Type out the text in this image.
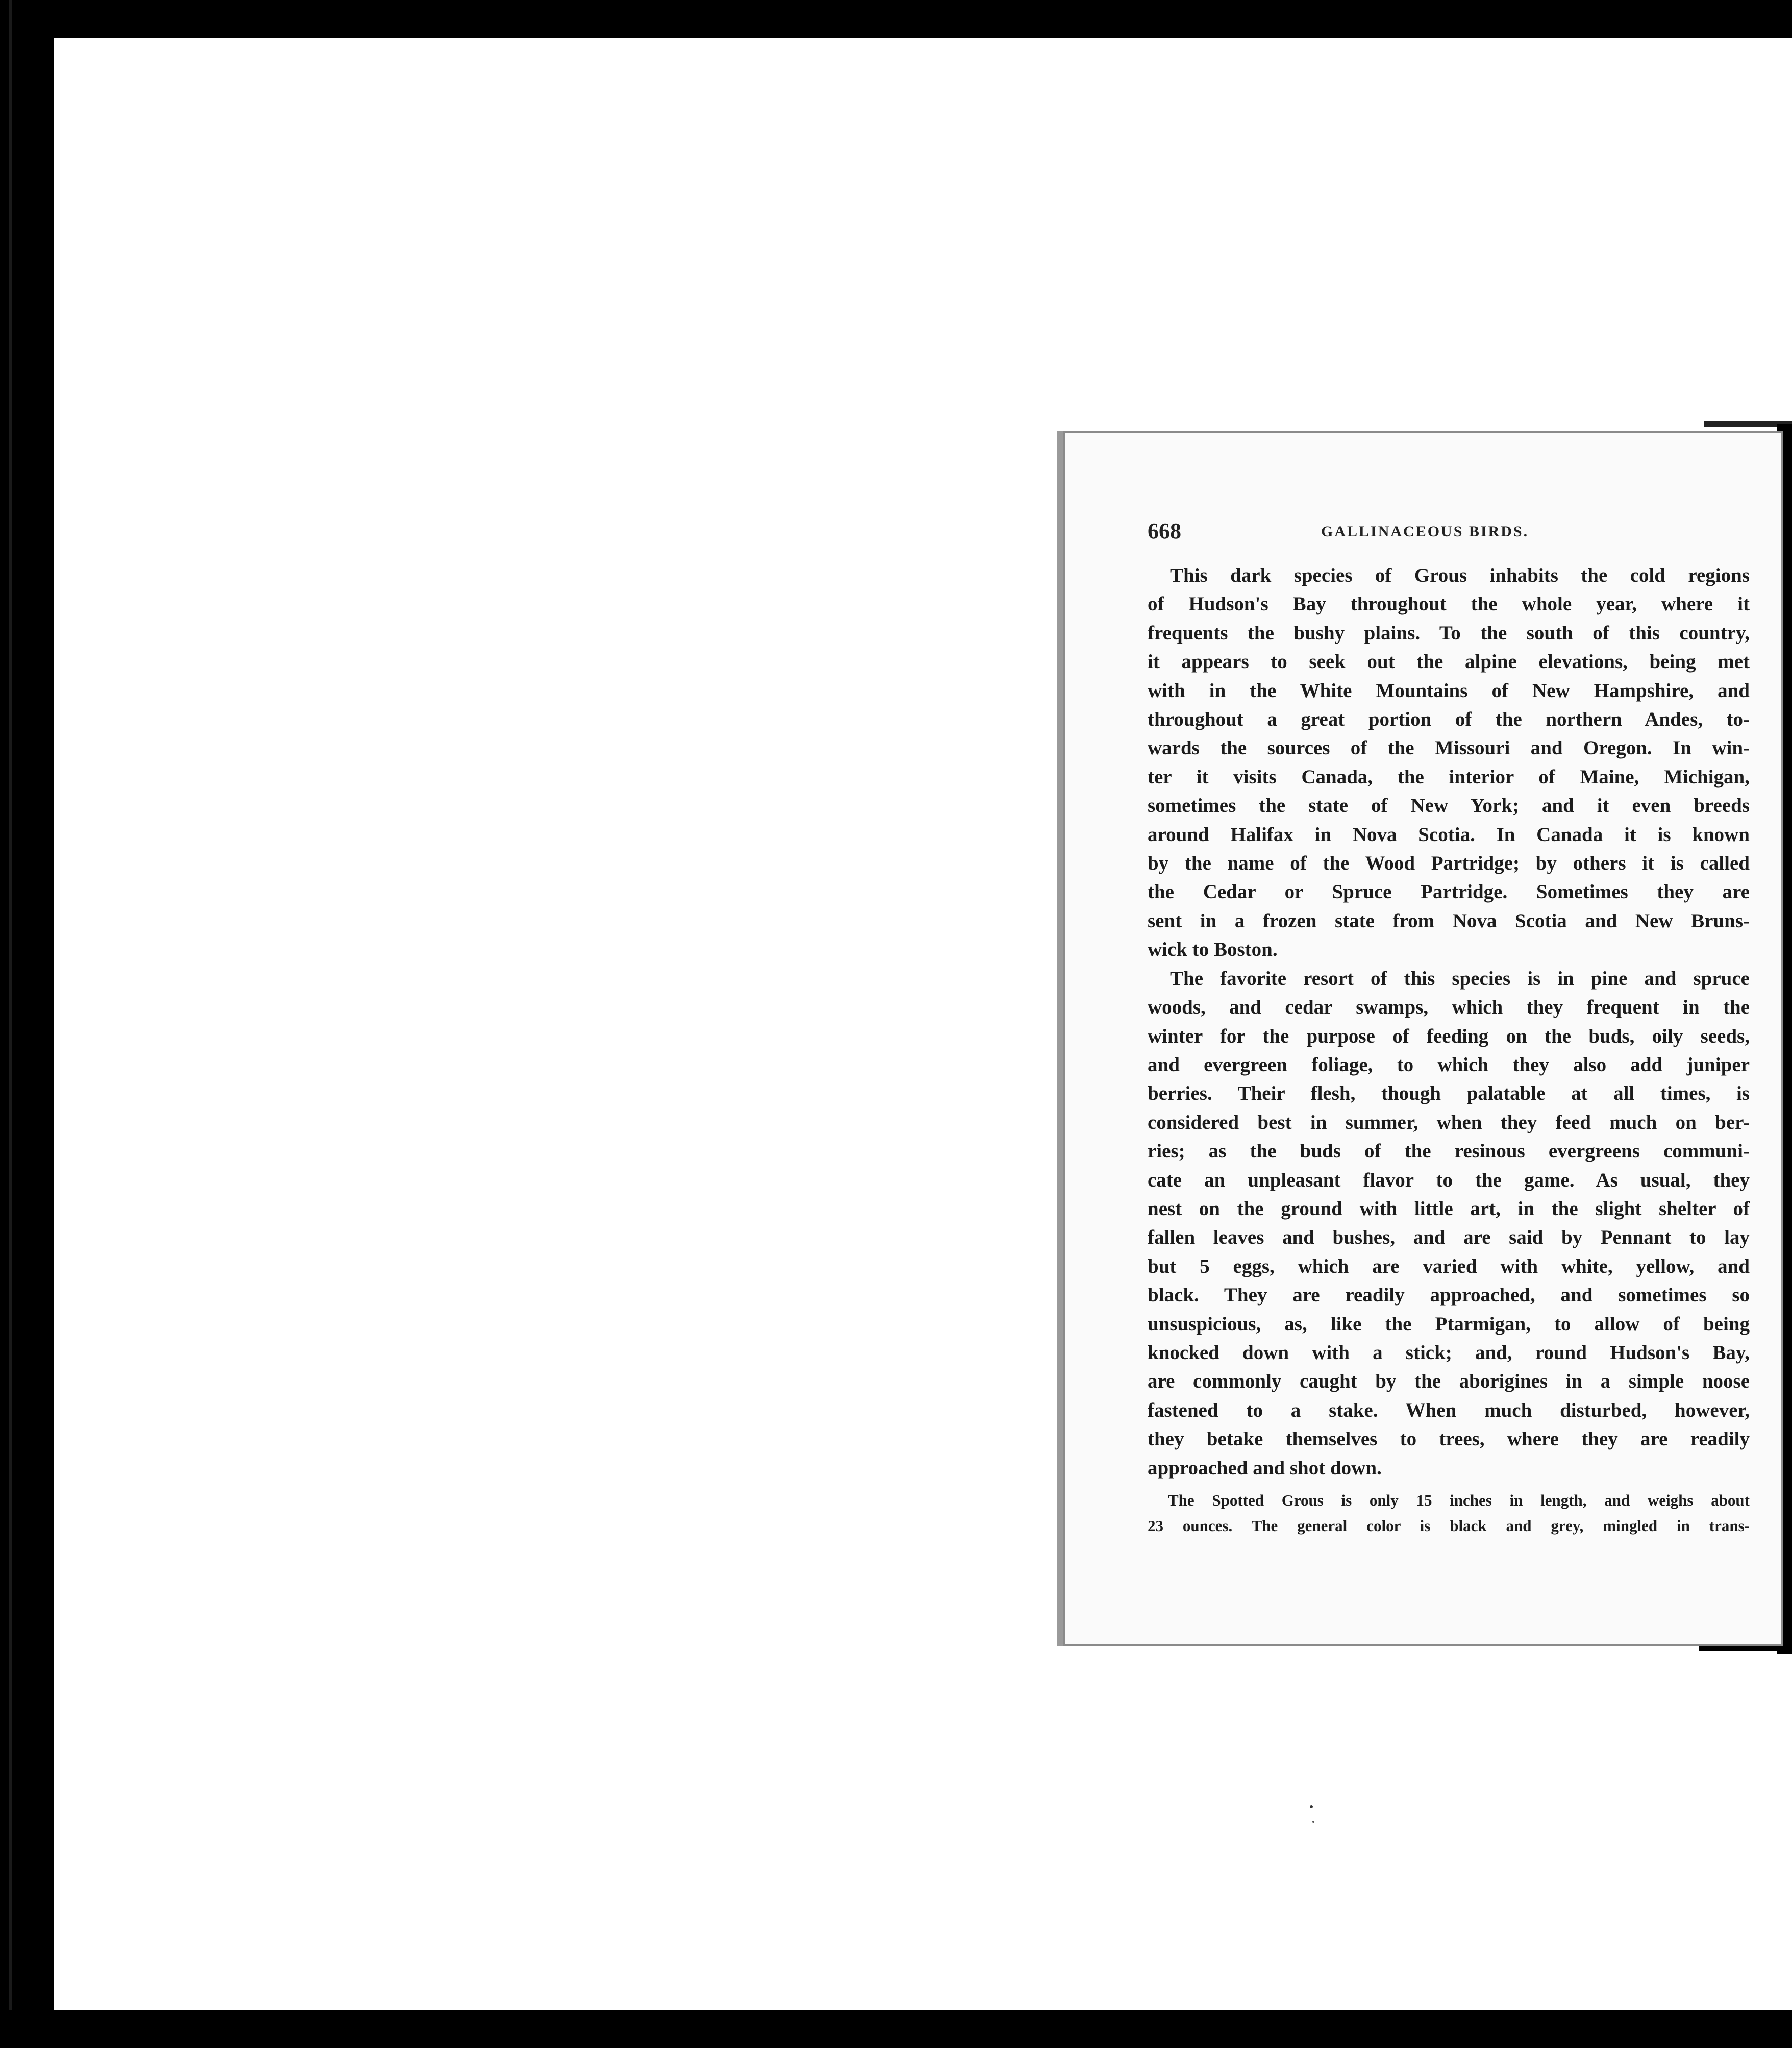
668	GALLINACEOUS BIRDS.
This dark species of Grous inhabits the cold regions
of Hudson's Bay throughout the whole year, where it
frequents the bushy plains. To the south of this country,
it appears to seek out the alpine elevations, being met
with in the White Mountains of New Hampshire, and
throughout a great portion of the northern Andes, to-
wards the sources of the Missouri and Oregon. In win-
ter it visits Canada, the interior of Maine, Michigan,
sometimes the state of New York; and it even breeds
around Halifax in Nova Scotia. In Canada it is known
by the name of the Wood Partridge; by others it is called
the Cedar or Spruce Partridge. Sometimes they are
sent in a frozen state from Nova Scotia and New Bruns-
wick to Boston.
The favorite resort of this species is in pine and spruce
woods, and cedar swamps, which they frequent in the
winter for the purpose of feeding on the buds, oily seeds,
and evergreen foliage, to which they also add juniper
berries. Their flesh, though palatable at all times, is
considered best in summer, when they feed much on ber-
ries; as the buds of the resinous evergreens communi-
cate an unpleasant flavor to the game. As usual, they
nest on the ground with little art, in the slight shelter of
fallen leaves and bushes, and are said by Pennant to lay
but 5 eggs, which are varied with white, yellow, and
black. They are readily approached, and sometimes so
unsuspicious, as, like the Ptarmigan, to allow of being
knocked down with a stick; and, round Hudson's Bay,
are commonly caught by the aborigines in a simple noose
fastened to a stake. When much disturbed, however,
they betake themselves to trees, where they are readily
approached and shot down.
The Spotted Grous is only 15 inches in length, and weighs about
23 ounces. The general color is black and grey, mingled in trans-
